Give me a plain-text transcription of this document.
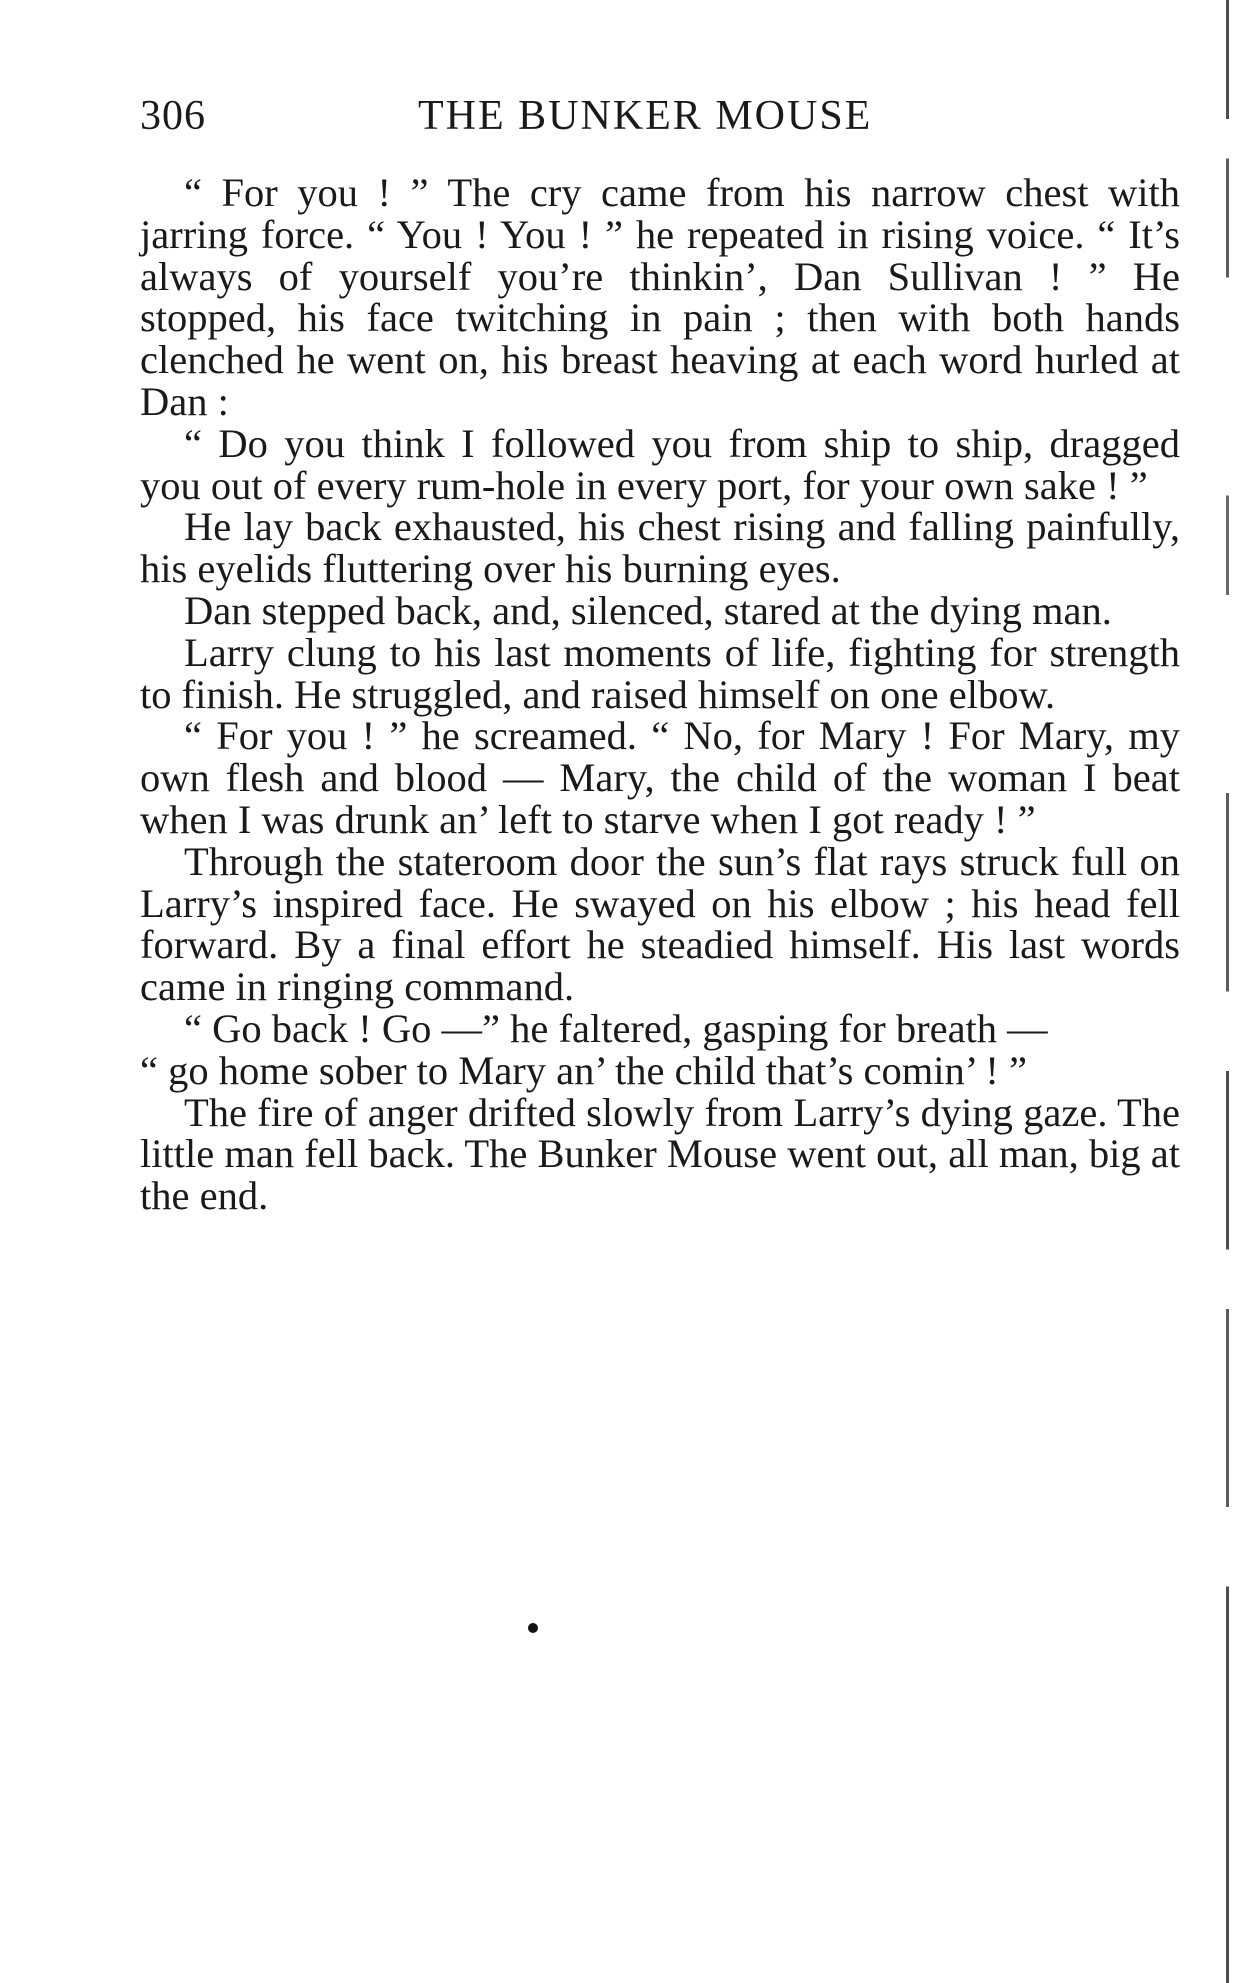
306	THE BUNKER MOUSE

“ For you ! ” The cry came from his narrow chest with jarring force. “ You ! You ! ” he repeated in rising voice. “ It’s always of yourself you’re thinkin’, Dan Sullivan ! ” He stopped, his face twitching in pain ; then with both hands clenched he went on, his breast heaving at each word hurled at Dan :

“ Do you think I followed you from ship to ship, dragged you out of every rum-hole in every port, for your own sake ! ”

He lay back exhausted, his chest rising and falling painfully, his eyelids fluttering over his burning eyes.

Dan stepped back, and, silenced, stared at the dying man.

Larry clung to his last moments of life, fighting for strength to finish. He struggled, and raised himself on one elbow.

“ For you ! ” he screamed. “ No, for Mary ! For Mary, my own flesh and blood — Mary, the child of the woman I beat when I was drunk an’ left to starve when I got ready ! ”

Through the stateroom door the sun’s flat rays struck full on Larry’s inspired face. He swayed on his elbow ; his head fell forward. By a final effort he steadied himself. His last words came in ringing command.

“ Go back ! Go —” he faltered, gasping for breath —

“ go home sober to Mary an’ the child that’s comin’ ! ”

The fire of anger drifted slowly from Larry’s dying gaze. The little man fell back. The Bunker Mouse went out, all man, big at the end.
